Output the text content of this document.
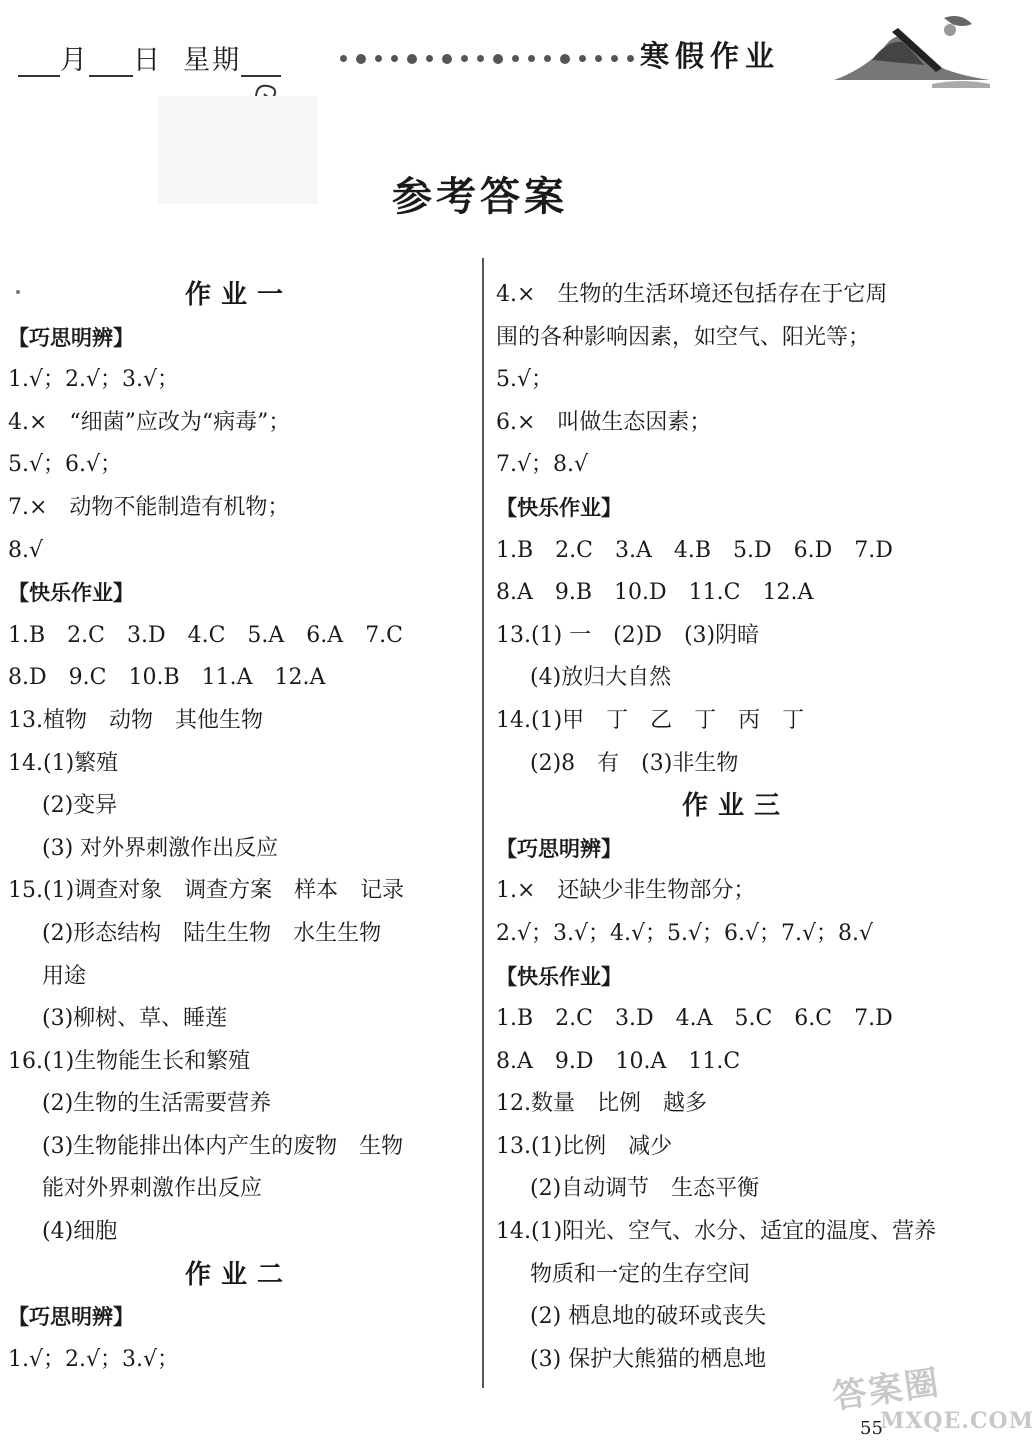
月 日 星期	寒假作业
参考答案
作业一
【巧思明辨】
1.√；2.√；3.√；
4.×　“细菌”应改为“病毒”；
5.√；6.√；
7.×　动物不能制造有机物；
8.√
【快乐作业】
1.B　2.C　3.D　4.C　5.A　6.A　7.C
8.D　9.C　10.B　11.A　12.A
13.植物　动物　其他生物
14.(1)繁殖
(2)变异
(3) 对外界刺激作出反应
15.(1)调查对象　调查方案　样本　记录
(2)形态结构　陆生生物　水生生物
用途
(3)柳树、草、睡莲
16.(1)生物能生长和繁殖
(2)生物的生活需要营养
(3)生物能排出体内产生的废物　生物
能对外界刺激作出反应
(4)细胞
作业二
【巧思明辨】
1.√；2.√；3.√；
4.×　生物的生活环境还包括存在于它周
围的各种影响因素，如空气、阳光等；
5.√；
6.×　叫做生态因素；
7.√；8.√
【快乐作业】
1.B　2.C　3.A　4.B　5.D　6.D　7.D
8.A　9.B　10.D　11.C　12.A
13.(1) 一　(2)D　(3)阴暗
(4)放归大自然
14.(1)甲　丁　乙　丁　丙　丁
(2)8　有　(3)非生物
作业三
【巧思明辨】
1.×　还缺少非生物部分；
2.√；3.√；4.√；5.√；6.√；7.√；8.√
【快乐作业】
1.B　2.C　3.D　4.A　5.C　6.C　7.D
8.A　9.D　10.A　11.C
12.数量　比例　越多
13.(1)比例　减少
(2)自动调节　生态平衡
14.(1)阳光、空气、水分、适宜的温度、营养
物质和一定的生存空间
(2) 栖息地的破环或丧失
(3) 保护大熊猫的栖息地
答案圈
MXQE.COM
55
